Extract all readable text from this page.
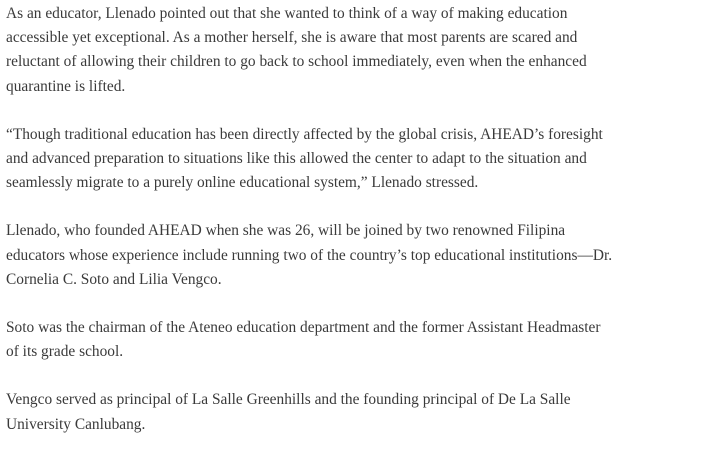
As an educator, Llenado pointed out that she wanted to think of a way of making education
accessible yet exceptional. As a mother herself, she is aware that most parents are scared and
reluctant of allowing their children to go back to school immediately, even when the enhanced
quarantine is lifted.

“Though traditional education has been directly affected by the global crisis, AHEAD’s foresight
and advanced preparation to situations like this allowed the center to adapt to the situation and
seamlessly migrate to a purely online educational system,” Llenado stressed.

Llenado, who founded AHEAD when she was 26, will be joined by two renowned Filipina
educators whose experience include running two of the country’s top educational institutions—Dr.
Cornelia C. Soto and Lilia Vengco.

Soto was the chairman of the Ateneo education department and the former Assistant Headmaster
of its grade school.

Vengco served as principal of La Salle Greenhills and the founding principal of De La Salle
University Canlubang.
